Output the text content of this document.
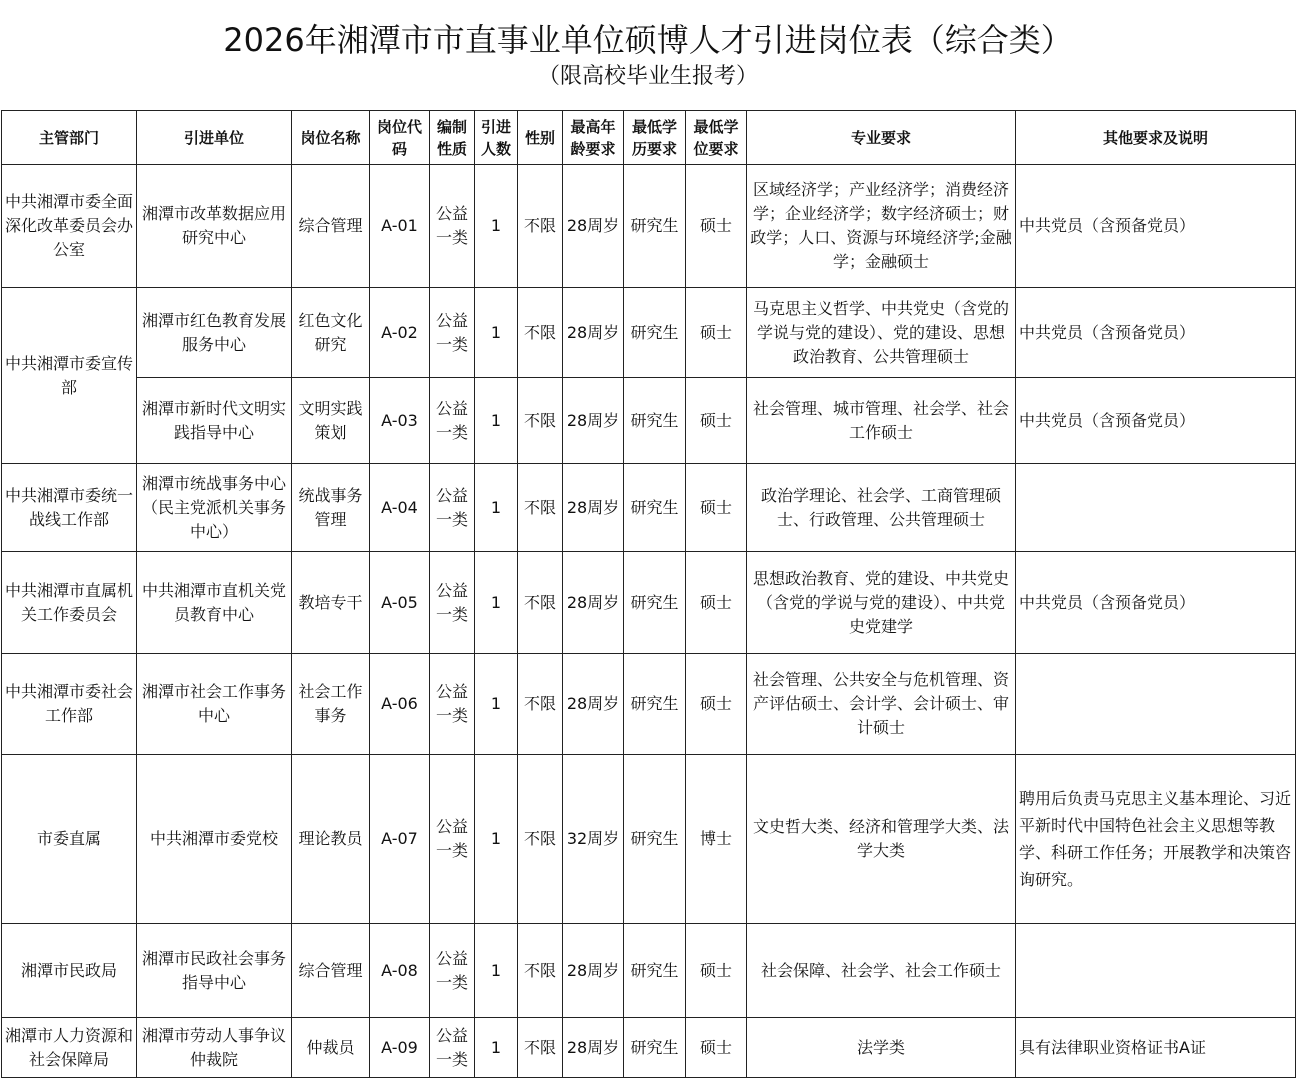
2026年湘潭市市直事业单位硕博人才引进岗位表（综合类）
（限高校毕业生报考）
主管部门	引进单位	岗位名称	岗位代码	编制性质	引进人数	性别	最高年龄要求	最低学历要求	最低学位要求	专业要求	其他要求及说明
中共湘潭市委全面深化改革委员会办公室	湘潭市改革数据应用研究中心	综合管理	A-01	公益一类	1	不限	28周岁	研究生	硕士	区域经济学；产业经济学；消费经济学；企业经济学；数字经济硕士；财政学；人口、资源与环境经济学;金融学；金融硕士	中共党员（含预备党员）
中共湘潭市委宣传部	湘潭市红色教育发展服务中心	红色文化研究	A-02	公益一类	1	不限	28周岁	研究生	硕士	马克思主义哲学、中共党史（含党的学说与党的建设）、党的建设、思想政治教育、公共管理硕士	中共党员（含预备党员）
	湘潭市新时代文明实践指导中心	文明实践策划	A-03	公益一类	1	不限	28周岁	研究生	硕士	社会管理、城市管理、社会学、社会工作硕士	中共党员（含预备党员）
中共湘潭市委统一战线工作部	湘潭市统战事务中心（民主党派机关事务中心）	统战事务管理	A-04	公益一类	1	不限	28周岁	研究生	硕士	政治学理论、社会学、工商管理硕士、行政管理、公共管理硕士	
中共湘潭市直属机关工作委员会	中共湘潭市直机关党员教育中心	教培专干	A-05	公益一类	1	不限	28周岁	研究生	硕士	思想政治教育、党的建设、中共党史（含党的学说与党的建设）、中共党史党建学	中共党员（含预备党员）
中共湘潭市委社会工作部	湘潭市社会工作事务中心	社会工作事务	A-06	公益一类	1	不限	28周岁	研究生	硕士	社会管理、公共安全与危机管理、资产评估硕士、会计学、会计硕士、审计硕士	
市委直属	中共湘潭市委党校	理论教员	A-07	公益一类	1	不限	32周岁	研究生	博士	文史哲大类、经济和管理学大类、法学大类	聘用后负责马克思主义基本理论、习近平新时代中国特色社会主义思想等教学、科研工作任务；开展教学和决策咨询研究。
湘潭市民政局	湘潭市民政社会事务指导中心	综合管理	A-08	公益一类	1	不限	28周岁	研究生	硕士	社会保障、社会学、社会工作硕士	
湘潭市人力资源和社会保障局	湘潭市劳动人事争议仲裁院	仲裁员	A-09	公益一类	1	不限	28周岁	研究生	硕士	法学类	具有法律职业资格证书A证
